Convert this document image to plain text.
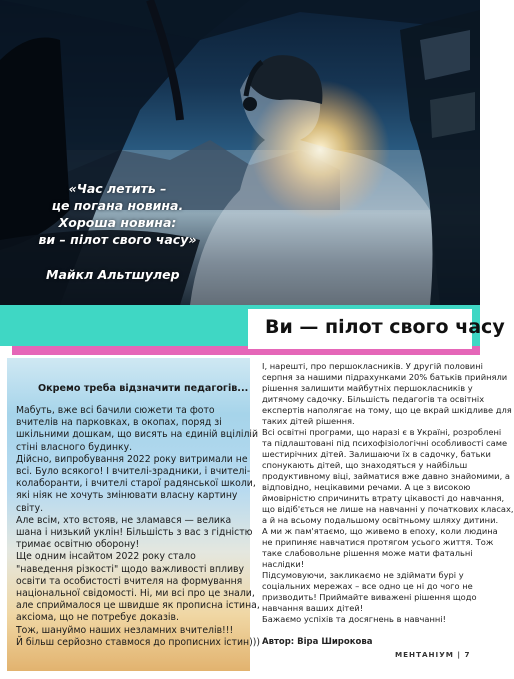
«Час летить –
це погана новина.
Хороша новина:
ви – пілот свого часу»
Майкл Альтшулер
Ви — пілот свого часу
Окремо треба відзначити педагогів...
Мабуть, вже всі бачили сюжети та фото
вчителів на парковках, в окопах, поряд зі
шкільними дошкам, що висять на єдиній вцілілій
стіні власного будинку.
Дійсно, випробування 2022 року витримали не
всі. Було всякого! І вчителі-зрадники, і вчителі-
колаборанти, і вчителі старої радянської школи,
які ніяк не хочуть змінювати власну картину
світу.
Але всім, хто встояв, не зламався — велика
шана і низький уклін! Більшість з вас з гідністю
тримає освітню оборону!
Ще одним інсайтом 2022 року стало
"наведення різкості" щодо важливості впливу
освіти та особистості вчителя на формування
національної свідомості. Ні, ми всі про це знали,
але сприймалося це швидше як прописна істина,
аксіома, що не потребує доказів.
Тож, шануймо наших незламних вчителів!!!
Й більш серйозно ставмося до прописних істин)))
І, нарешті, про першокласників. У другій половині
серпня за нашими підрахунками 20% батьків прийняли
рішення залишити майбутніх першокласників у
дитячому садочку. Більшість педагогів та освітніх
експертів наполягає на тому, що це вкрай шкідливе для
таких дітей рішення.
Всі освітні програми, що наразі є в Україні, розроблені
та підлаштовані під психофізіологічні особливості саме
шестирічних дітей. Залишаючи їх в садочку, батьки
спонукають дітей, що знаходяться у найбільш
продуктивному віці, займатися вже давно знайомими, а
відповідно, нецікавими речами. А це з високою
ймовірністю спричинить втрату цікавості до навчання,
що відіб'ється не лише на навчанні у початкових класах,
а й на всьому подальшому освітньому шляху дитини.
А ми ж пам'ятаємо, що живемо в епоху, коли людина
не припиняє навчатися протягом усього життя. Тож
таке слабовольне рішення може мати фатальні
наслідки!
Підсумовуючи, закликаємо не здіймати бурі у
соціальних мережах – все одно це ні до чого не
призводить! Приймайте виважені рішення щодо
навчання ваших дітей!
Бажаємо успіхів та досягнень в навчанні!
Автор: Віра Широкова
МЕНТАНІУМ | 7
